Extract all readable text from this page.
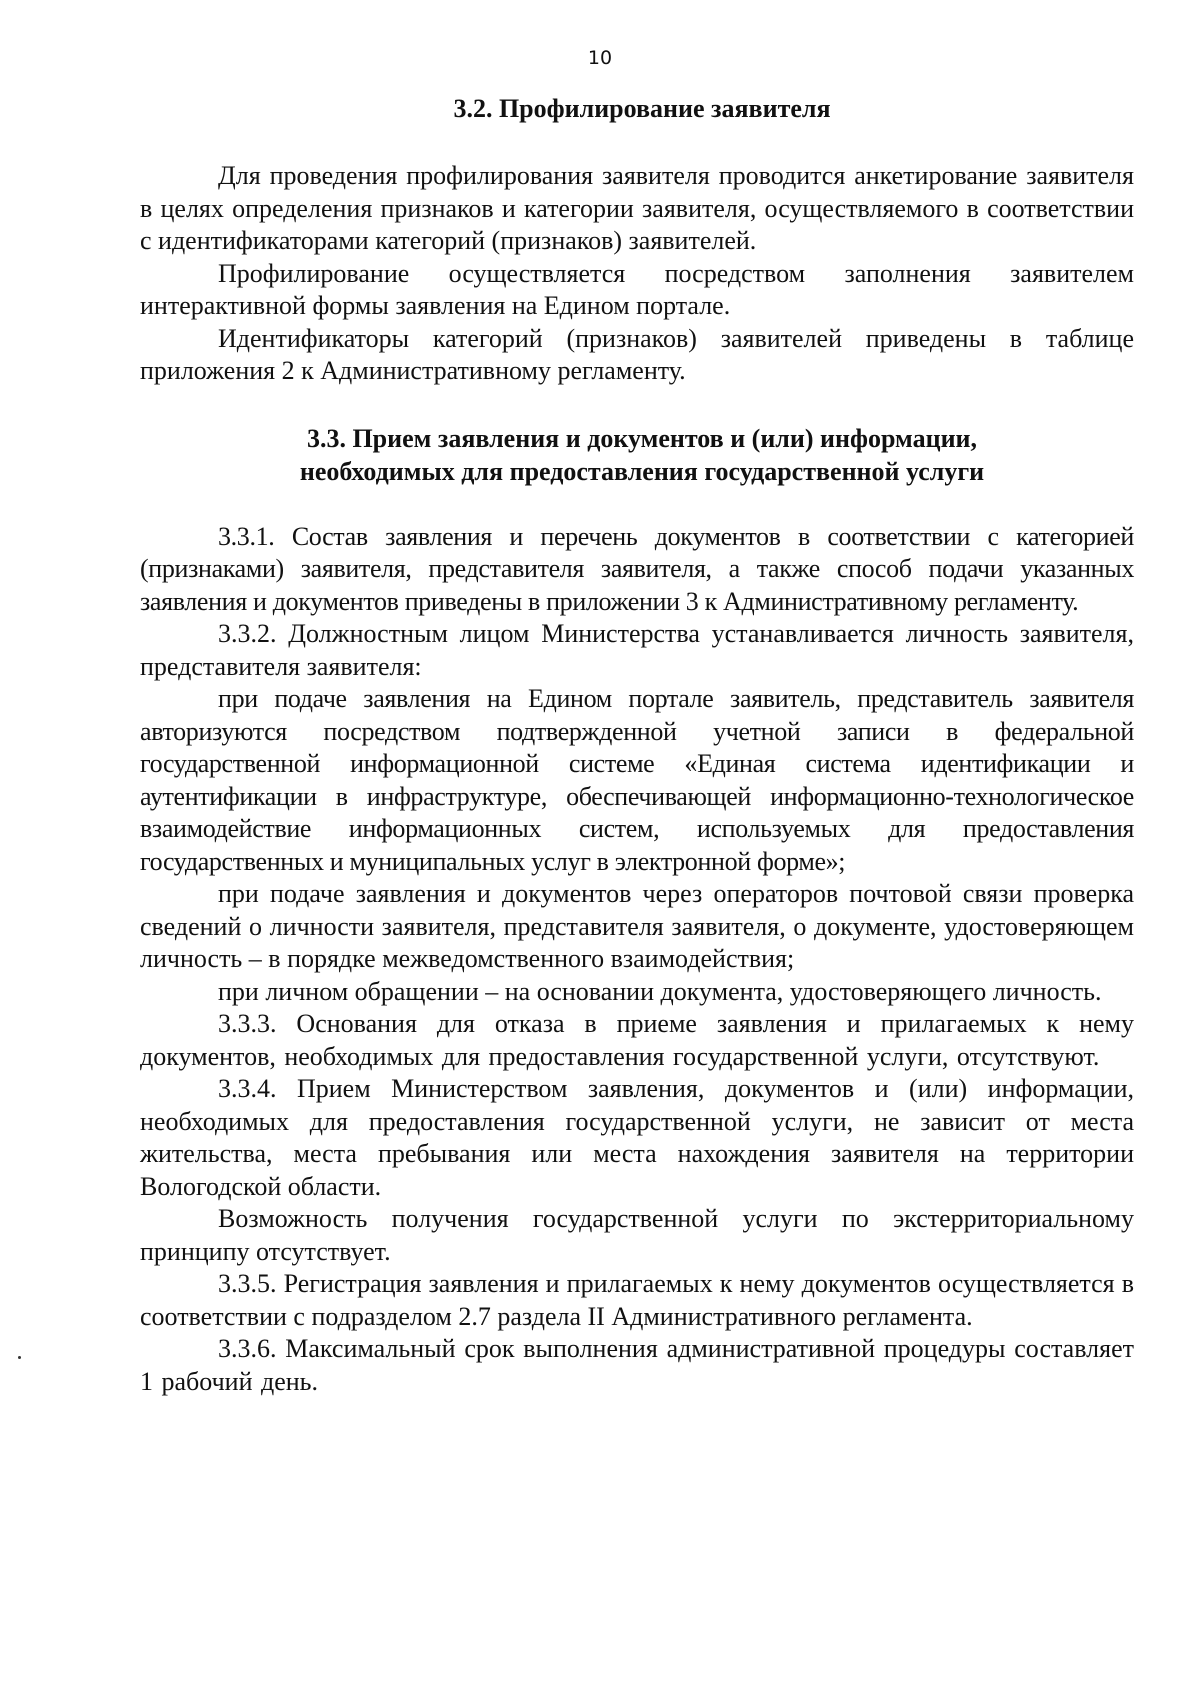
10
3.2. Профилирование заявителя

Для проведения профилирования заявителя проводится анкетирование заявителя в целях определения признаков и категории заявителя, осуществляемого в соответствии с идентификаторами категорий (признаков) заявителей.

Профилирование осуществляется посредством заполнения заявителем интерактивной формы заявления на Едином портале.

Идентификаторы категорий (признаков) заявителей приведены в таблице приложения 2 к Административному регламенту.

3.3. Прием заявления и документов и (или) информации,
необходимых для предоставления государственной услуги

3.3.1. Состав заявления и перечень документов в соответствии с категорией (признаками) заявителя, представителя заявителя, а также способ подачи указанных заявления и документов приведены в приложении 3 к Административному регламенту.

3.3.2. Должностным лицом Министерства устанавливается личность заявителя, представителя заявителя:

при подаче заявления на Едином портале заявитель, представитель заявителя авторизуются посредством подтвержденной учетной записи в федеральной государственной информационной системе «Единая система идентификации и аутентификации в инфраструктуре, обеспечивающей информационно-технологическое взаимодействие информационных систем, используемых для предоставления государственных и муниципальных услуг в электронной форме»;

при подаче заявления и документов через операторов почтовой связи проверка сведений о личности заявителя, представителя заявителя, о документе, удостоверяющем личность – в порядке межведомственного взаимодействия;

при личном обращении – на основании документа, удостоверяющего личность.

3.3.3. Основания для отказа в приеме заявления и прилагаемых к нему документов, необходимых для предоставления государственной услуги, отсутствуют.

3.3.4. Прием Министерством заявления, документов и (или) информации, необходимых для предоставления государственной услуги, не зависит от места жительства, места пребывания или места нахождения заявителя на территории Вологодской области.

Возможность получения государственной услуги по экстерриториальному принципу отсутствует.

3.3.5. Регистрация заявления и прилагаемых к нему документов осуществляется в соответствии с подразделом 2.7 раздела II Административного регламента.

3.3.6. Максимальный срок выполнения административной процедуры составляет 1 рабочий день.
